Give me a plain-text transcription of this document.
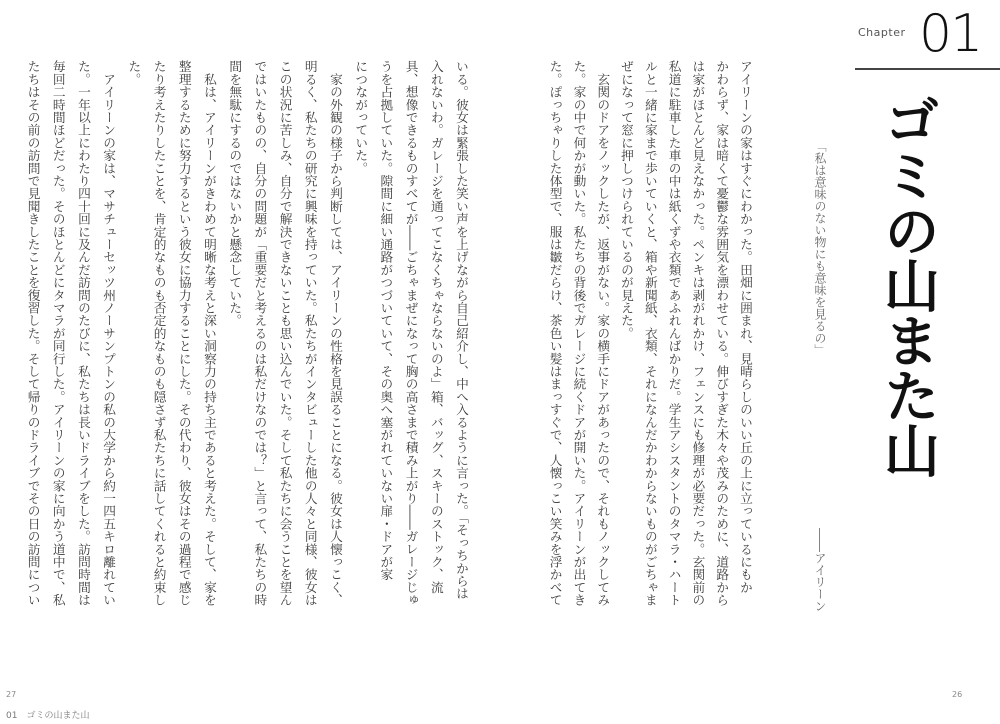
いる。彼女は緊張した笑い声を上げながら自己紹介し、中へ入るように言った。「そっちからは
入れないわ。ガレージを通ってこなくちゃならないのよ」箱、バッグ、スキーのストック、流
具、想像できるものすべてが――ごちゃまぜになって胸の高さまで積み上がり――ガレージじゅ
うを占拠していた。隙間に細い通路がつづいていて、その奥へ塞がれていない扉・ドアが家
につながっていた。
　家の外観の様子から判断しては、アイリーンの性格を見誤ることになる。彼女は人懐っこく、
明るく、私たちの研究に興味を持っていた。私たちがインタビューした他の人々と同様、彼女は
この状況に苦しみ、自分で解決できないことも思い込んでいた。そして私たちに会うことを望ん
ではいたものの、自分の問題が「重要だと考えるのは私だけなのでは？」と言って、私たちの時
間を無駄にするのではないかと懸念していた。
　私は、アイリーンがきわめて明晰な考えと深い洞察力の持ち主であると考えた。そして、家を
整理するために努力するという彼女に協力することにした。その代わり、彼女はその過程で感じ
たり考えたりしたことを、肯定的なものも否定的なものも隠さず私たちに話してくれると約束し
た。
　アイリーンの家は、マサチューセッツ州ノーサンプトンの私の大学から約一四五キロ離れてい
た。一年以上にわたり四十回に及んだ訪問のたびに、私たちは長いドライブをした。訪問時間は
毎回二時間ほどだった。そのほとんどにタマラが同行した。アイリーンの家に向かう道中で、私
たちはその前の訪問で見聞きしたことを復習した。そして帰りのドライブでその日の訪問につい
27
01　ゴミの山また山
アイリーンの家はすぐにわかった。田畑に囲まれ、見晴らしのいい丘の上に立っているにもか
かわらず、家は暗くて憂鬱な雰囲気を漂わせている。伸びすぎた木々や茂みのために、道路から
は家がほとんど見えなかった。ペンキは剥がれかけ、フェンスにも修理が必要だった。玄関前の
私道に駐車した車の中は紙くずや衣類であふれんばかりだ。学生アシスタントのタマラ・ハート
ルと一緒に家まで歩いていくと、箱や新聞紙、衣類、それになんだかわからないものがごちゃま
ぜになって窓に押しつけられているのが見えた。
　玄関のドアをノックしたが、返事がない。家の横手にドアがあったので、それもノックしてみ
た。家の中で何かが動いた。私たちの背後でガレージに続くドアが開いた。アイリーンが出てき
た。ぽっちゃりした体型で、服は皺だらけ、茶色い髪はまっすぐで、人懐っこい笑みを浮かべて
Chapter 01
ゴミの山また山
「私は意味のない物にも意味を見るの」
――アイリーン
26
